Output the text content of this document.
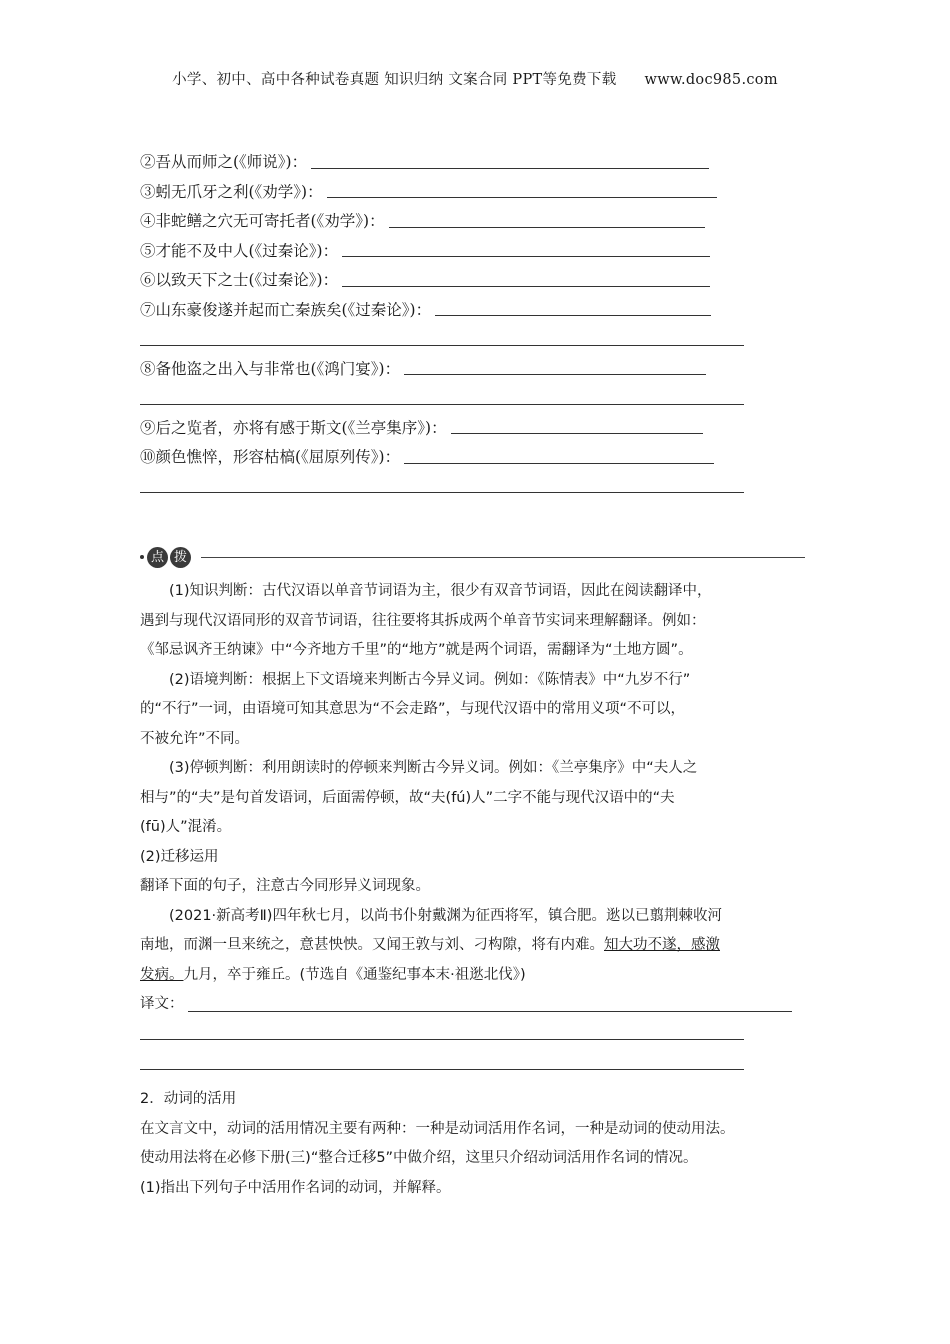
小学、初中、高中各种试卷真题 知识归纳 文案合同 PPT等免费下载 www.doc985.com
②吾从而师之(《师说》)：
③蚓无爪牙之利(《劝学》)：
④非蛇鳝之穴无可寄托者(《劝学》)：
⑤才能不及中人(《过秦论》)：
⑥以致天下之士(《过秦论》)：
⑦山东豪俊遂并起而亡秦族矣(《过秦论》)：
⑧备他盗之出入与非常也(《鸿门宴》)：
⑨后之览者，亦将有感于斯文(《兰亭集序》)：
⑩颜色憔悴，形容枯槁(《屈原列传》)：
点 拨
(1)知识判断：古代汉语以单音节词语为主，很少有双音节词语，因此在阅读翻译中，
遇到与现代汉语同形的双音节词语，往往要将其拆成两个单音节实词来理解翻译。例如：
《邹忌讽齐王纳谏》中“今齐地方千里”的“地方”就是两个词语，需翻译为“土地方圆”。
(2)语境判断：根据上下文语境来判断古今异义词。例如：《陈情表》中“九岁不行”
的“不行”一词，由语境可知其意思为“不会走路”，与现代汉语中的常用义项“不可以，
不被允许”不同。
(3)停顿判断：利用朗读时的停顿来判断古今异义词。例如：《兰亭集序》中“夫人之
相与”的“夫”是句首发语词，后面需停顿，故“夫(fú)人”二字不能与现代汉语中的“夫
(fū)人”混淆。
(2)迁移运用
翻译下面的句子，注意古今同形异义词现象。
(2021·新高考Ⅱ)四年秋七月，以尚书仆射戴渊为征西将军，镇合肥。逖以已翦荆棘收河
南地，而渊一旦来统之，意甚怏怏。又闻王敦与刘、刁构隙，将有内难。知大功不遂，感激
发病。九月，卒于雍丘。(节选自《通鉴纪事本末·祖逖北伐》)
译文：
2．动词的活用
在文言文中，动词的活用情况主要有两种：一种是动词活用作名词，一种是动词的使动用法。
使动用法将在必修下册(三)“整合迁移5”中做介绍，这里只介绍动词活用作名词的情况。
(1)指出下列句子中活用作名词的动词，并解释。
